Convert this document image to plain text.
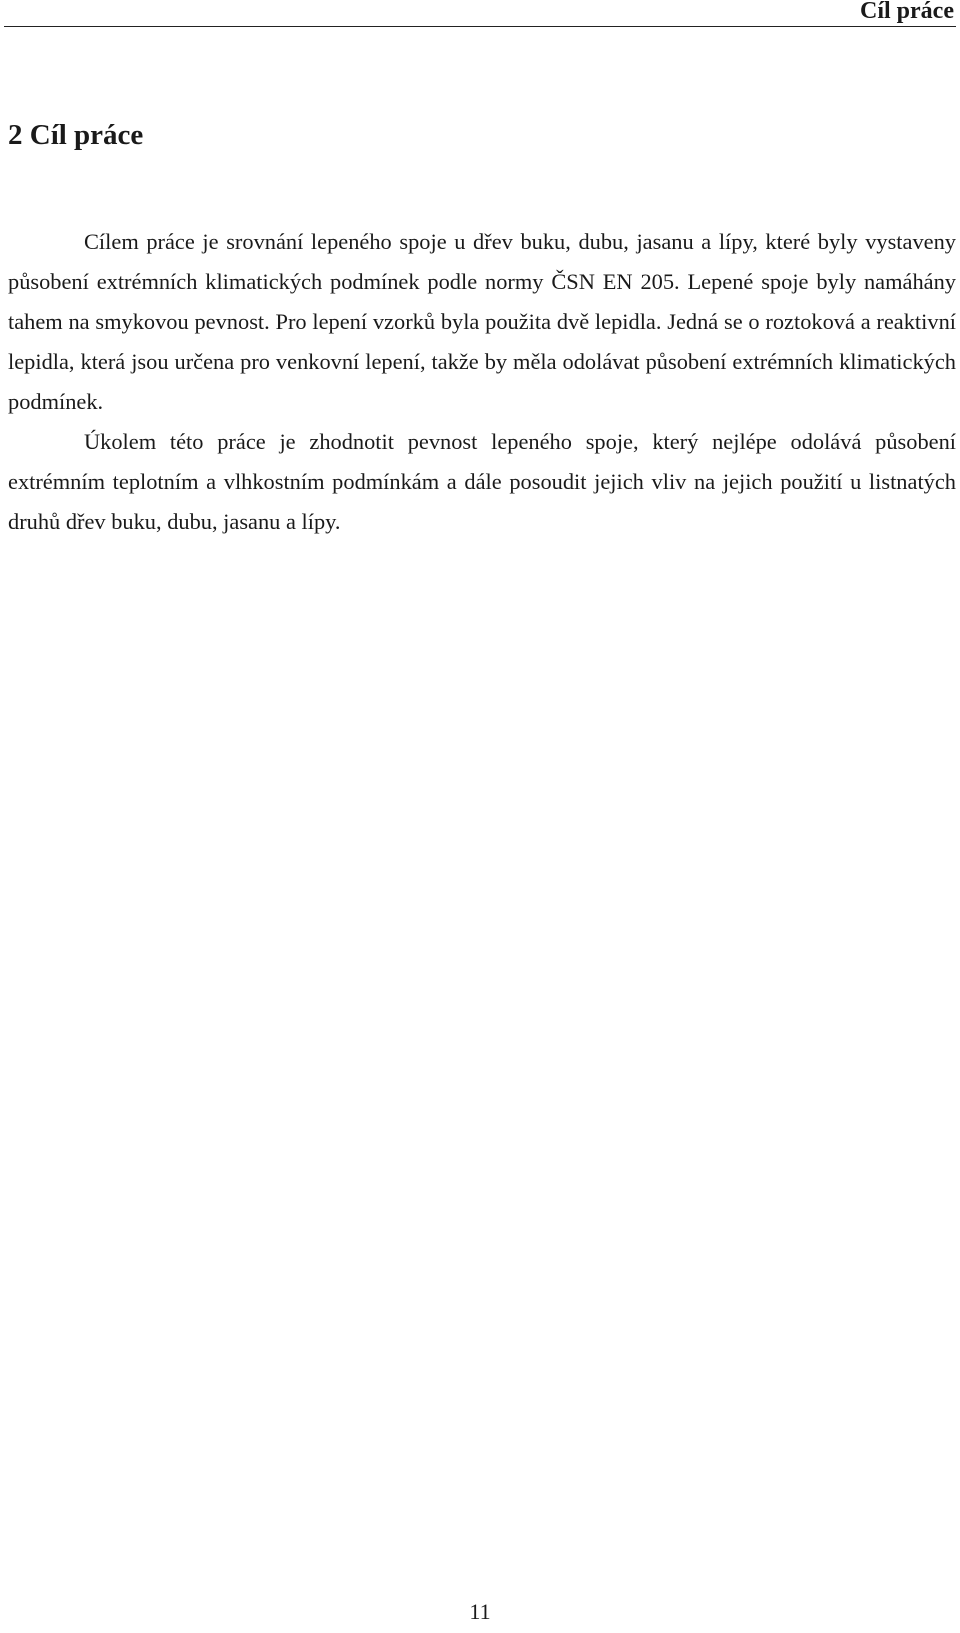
Cíl práce
2 Cíl práce

Cílem práce je srovnání lepeného spoje u dřev buku, dubu, jasanu a lípy, které byly vystaveny působení extrémních klimatických podmínek podle normy ČSN EN 205. Lepené spoje byly namáhány tahem na smykovou pevnost. Pro lepení vzorků byla použita dvě lepidla. Jedná se o roztoková a reaktivní lepidla, která jsou určena pro venkovní lepení, takže by měla odolávat působení extrémních klimatických podmínek.

Úkolem této práce je zhodnotit pevnost lepeného spoje, který nejlépe odolává působení extrémním teplotním a vlhkostním podmínkám a dále posoudit jejich vliv na jejich použití u listnatých druhů dřev buku, dubu, jasanu a lípy.

11
